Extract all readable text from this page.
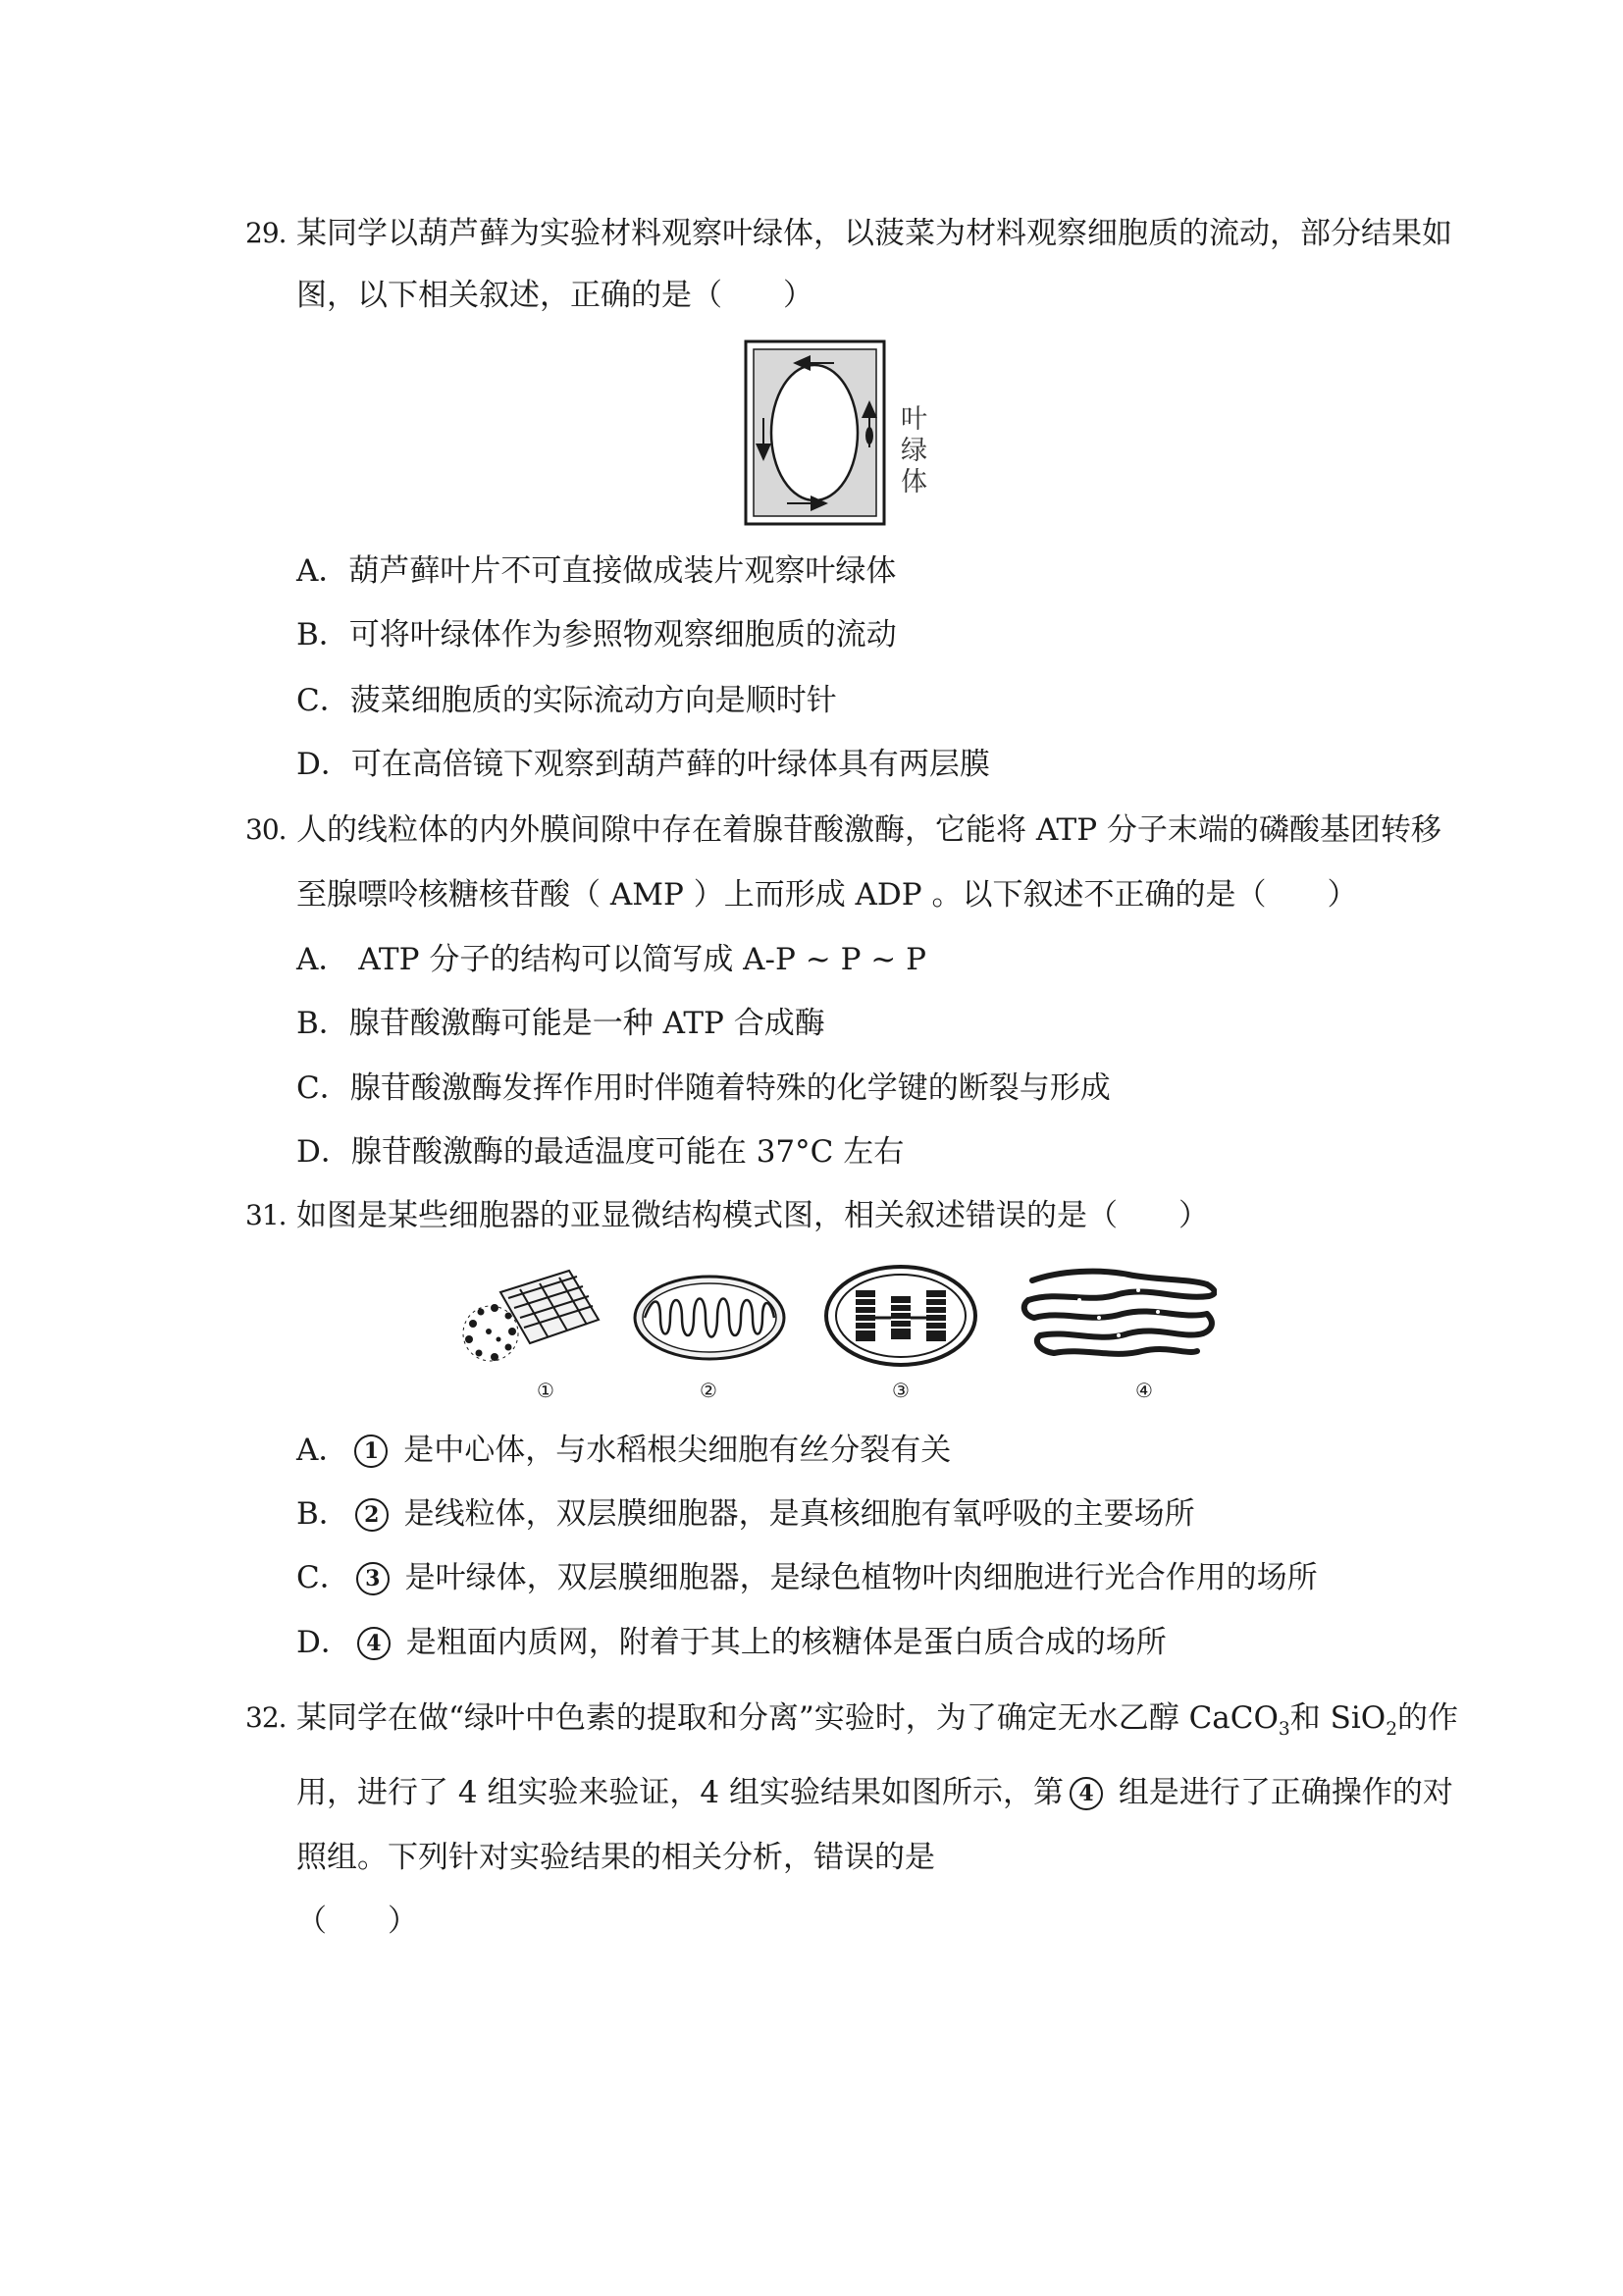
29. 某同学以葫芦藓为实验材料观察叶绿体，以菠菜为材料观察细胞质的流动，部分结果如
图，以下相关叙述，正确的是（　　）
叶绿体
A．葫芦藓叶片不可直接做成装片观察叶绿体
B．可将叶绿体作为参照物观察细胞质的流动
C．菠菜细胞质的实际流动方向是顺时针
D．可在高倍镜下观察到葫芦藓的叶绿体具有两层膜
30. 人的线粒体的内外膜间隙中存在着腺苷酸激酶，它能将 ATP 分子末端的磷酸基团转移
至腺嘌呤核糖核苷酸（ AMP ）上而形成 ADP 。以下叙述不正确的是（　　）
A． ATP 分子的结构可以简写成 A-P ~ P ~ P
B．腺苷酸激酶可能是一种 ATP 合成酶
C．腺苷酸激酶发挥作用时伴随着特殊的化学键的断裂与形成
D．腺苷酸激酶的最适温度可能在 37°C 左右
31. 如图是某些细胞器的亚显微结构模式图，相关叙述错误的是（　　）
①	②	③	④
A． 1 是中心体，与水稻根尖细胞有丝分裂有关
B． 2 是线粒体，双层膜细胞器，是真核细胞有氧呼吸的主要场所
C． 3 是叶绿体，双层膜细胞器，是绿色植物叶肉细胞进行光合作用的场所
D． 4 是粗面内质网，附着于其上的核糖体是蛋白质合成的场所
32. 某同学在做“绿叶中色素的提取和分离”实验时，为了确定无水乙醇 CaCO$_3$和 SiO$_2$的作
用，进行了 4 组实验来验证，4 组实验结果如图所示，第 4 组是进行了正确操作的对
照组。下列针对实验结果的相关分析，错误的是
（　　）
